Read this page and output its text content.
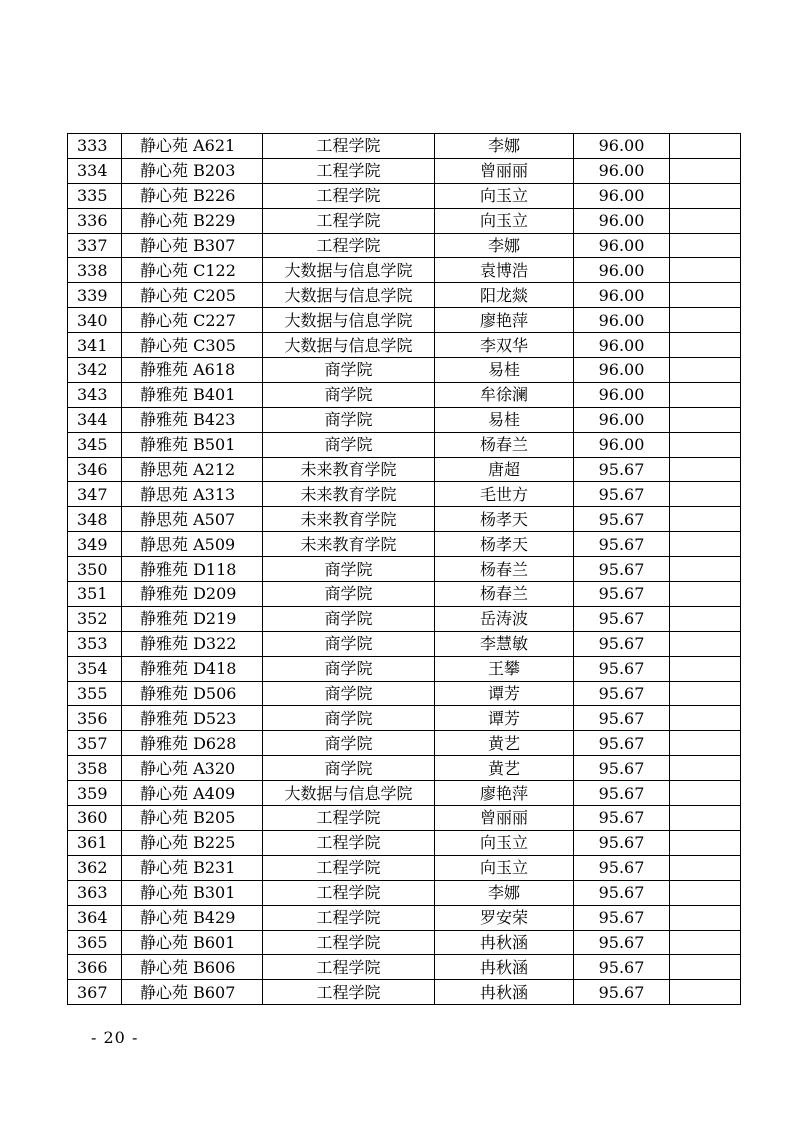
333	静心苑 A621	工程学院	李娜	96.00	
334	静心苑 B203	工程学院	曾丽丽	96.00	
335	静心苑 B226	工程学院	向玉立	96.00	
336	静心苑 B229	工程学院	向玉立	96.00	
337	静心苑 B307	工程学院	李娜	96.00	
338	静心苑 C122	大数据与信息学院	袁博浩	96.00	
339	静心苑 C205	大数据与信息学院	阳龙燚	96.00	
340	静心苑 C227	大数据与信息学院	廖艳萍	96.00	
341	静心苑 C305	大数据与信息学院	李双华	96.00	
342	静雅苑 A618	商学院	易桂	96.00	
343	静雅苑 B401	商学院	牟徐澜	96.00	
344	静雅苑 B423	商学院	易桂	96.00	
345	静雅苑 B501	商学院	杨春兰	96.00	
346	静思苑 A212	未来教育学院	唐超	95.67	
347	静思苑 A313	未来教育学院	毛世方	95.67	
348	静思苑 A507	未来教育学院	杨孝天	95.67	
349	静思苑 A509	未来教育学院	杨孝天	95.67	
350	静雅苑 D118	商学院	杨春兰	95.67	
351	静雅苑 D209	商学院	杨春兰	95.67	
352	静雅苑 D219	商学院	岳涛波	95.67	
353	静雅苑 D322	商学院	李慧敏	95.67	
354	静雅苑 D418	商学院	王攀	95.67	
355	静雅苑 D506	商学院	谭芳	95.67	
356	静雅苑 D523	商学院	谭芳	95.67	
357	静雅苑 D628	商学院	黄艺	95.67	
358	静心苑 A320	商学院	黄艺	95.67	
359	静心苑 A409	大数据与信息学院	廖艳萍	95.67	
360	静心苑 B205	工程学院	曾丽丽	95.67	
361	静心苑 B225	工程学院	向玉立	95.67	
362	静心苑 B231	工程学院	向玉立	95.67	
363	静心苑 B301	工程学院	李娜	95.67	
364	静心苑 B429	工程学院	罗安荣	95.67	
365	静心苑 B601	工程学院	冉秋涵	95.67	
366	静心苑 B606	工程学院	冉秋涵	95.67	
367	静心苑 B607	工程学院	冉秋涵	95.67	
- 20 -
